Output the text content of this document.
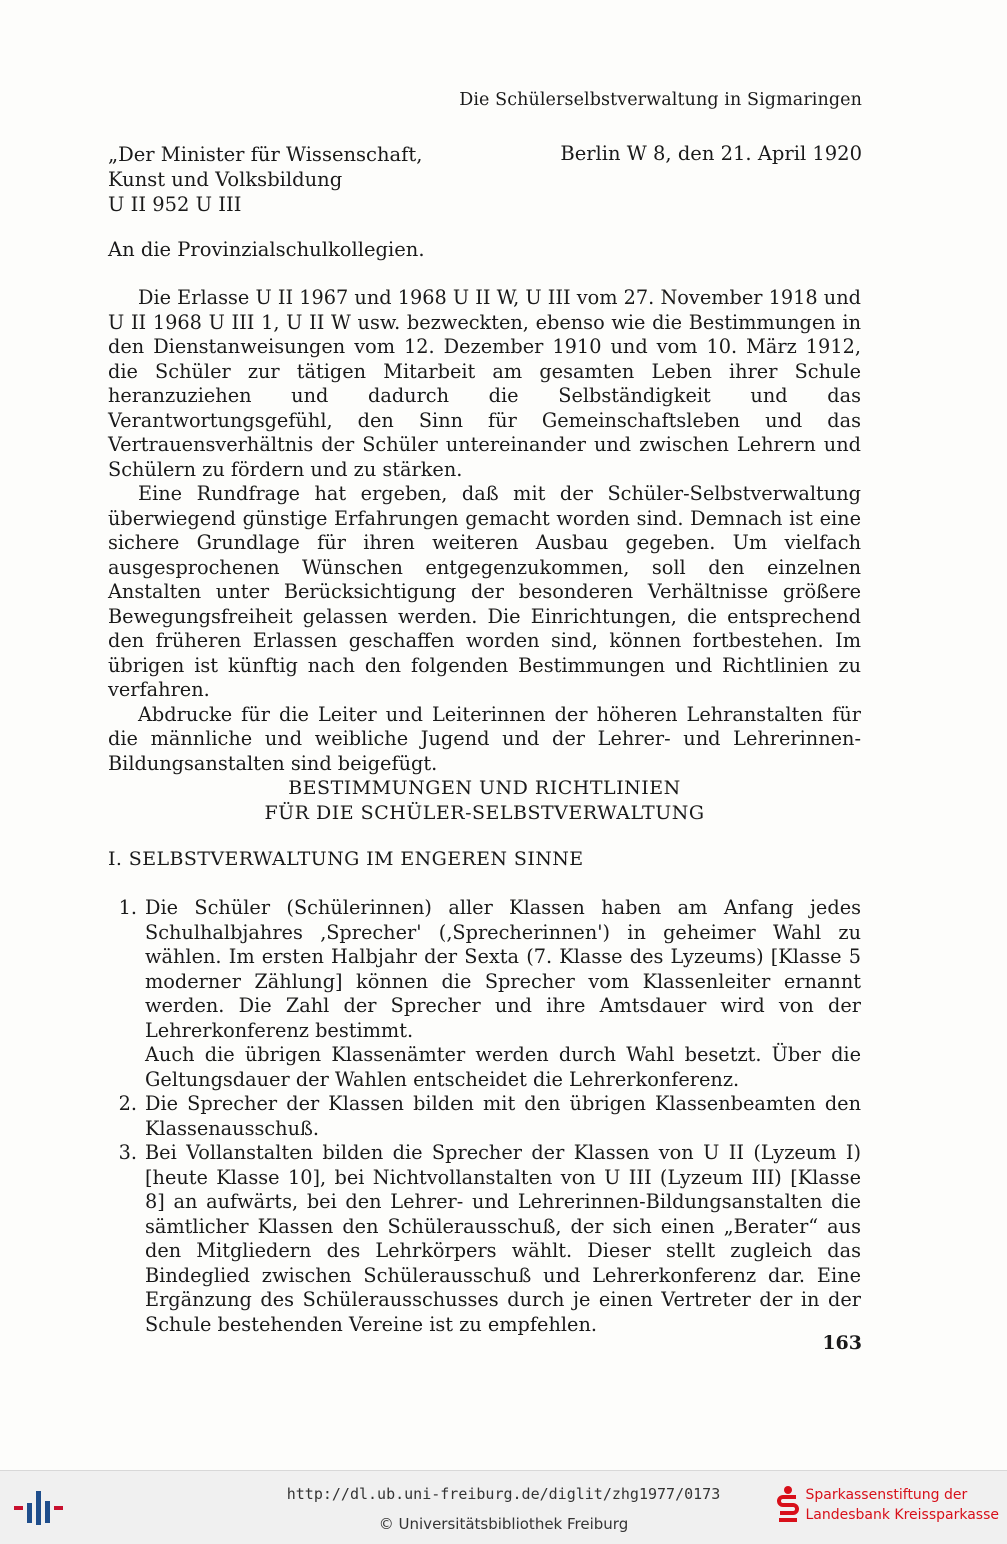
Die Schülerselbstverwaltung in Sigmaringen
„Der Minister für Wissenschaft,
Kunst und Volksbildung
U II 952 U III
Berlin W 8, den 21. April 1920
An die Provinzialschulkollegien.

Die Erlasse U II 1967 und 1968 U II W, U III vom 27. November 1918 und U II 1968 U III 1, U II W usw. bezweckten, ebenso wie die Bestimmungen in den Dienstanweisungen vom 12. Dezember 1910 und vom 10. März 1912, die Schüler zur tätigen Mitarbeit am gesamten Leben ihrer Schule heranzuziehen und dadurch die Selbständigkeit und das Verantwortungsgefühl, den Sinn für Gemeinschaftsleben und das Vertrauensverhältnis der Schüler untereinander und zwischen Lehrern und Schülern zu fördern und zu stärken.

Eine Rundfrage hat ergeben, daß mit der Schüler-Selbstverwaltung überwiegend günstige Erfahrungen gemacht worden sind. Demnach ist eine sichere Grundlage für ihren weiteren Ausbau gegeben. Um vielfach ausgesprochenen Wünschen entgegenzukommen, soll den einzelnen Anstalten unter Berücksichtigung der besonderen Verhältnisse größere Bewegungsfreiheit gelassen werden. Die Einrichtungen, die entsprechend den früheren Erlassen geschaffen worden sind, können fortbestehen. Im übrigen ist künftig nach den folgenden Bestimmungen und Richtlinien zu verfahren.

Abdrucke für die Leiter und Leiterinnen der höheren Lehranstalten für die männliche und weibliche Jugend und der Lehrer- und Lehrerinnen-Bildungsanstalten sind beigefügt.

BESTIMMUNGEN UND RICHTLINIEN
FÜR DIE SCHÜLER-SELBSTVERWALTUNG
I. SELBSTVERWALTUNG IM ENGEREN SINNE
1. Die Schüler (Schülerinnen) aller Klassen haben am Anfang jedes Schulhalbjahres ‚Sprecher' (‚Sprecherinnen') in geheimer Wahl zu wählen. Im ersten Halbjahr der Sexta (7. Klasse des Lyzeums) [Klasse 5 moderner Zählung] können die Sprecher vom Klassenleiter ernannt werden. Die Zahl der Sprecher und ihre Amtsdauer wird von der Lehrerkonferenz bestimmt.

Auch die übrigen Klassenämter werden durch Wahl besetzt. Über die Geltungsdauer der Wahlen entscheidet die Lehrerkonferenz.

2. Die Sprecher der Klassen bilden mit den übrigen Klassenbeamten den Klassenausschuß.

3. Bei Vollanstalten bilden die Sprecher der Klassen von U II (Lyzeum I) [heute Klasse 10], bei Nichtvollanstalten von U III (Lyzeum III) [Klasse 8] an aufwärts, bei den Lehrer- und Lehrerinnen-Bildungsanstalten die sämtlicher Klassen den Schülerausschuß, der sich einen „Berater“ aus den Mitgliedern des Lehrkörpers wählt. Dieser stellt zugleich das Bindeglied zwischen Schülerausschuß und Lehrerkonferenz dar. Eine Ergänzung des Schülerausschusses durch je einen Vertreter der in der Schule bestehenden Vereine ist zu empfehlen.

163
http://dl.ub.uni-freiburg.de/diglit/zhg1977/0173
© Universitätsbibliothek Freiburg
Sparkassenstiftung der
Landesbank Kreissparkasse
